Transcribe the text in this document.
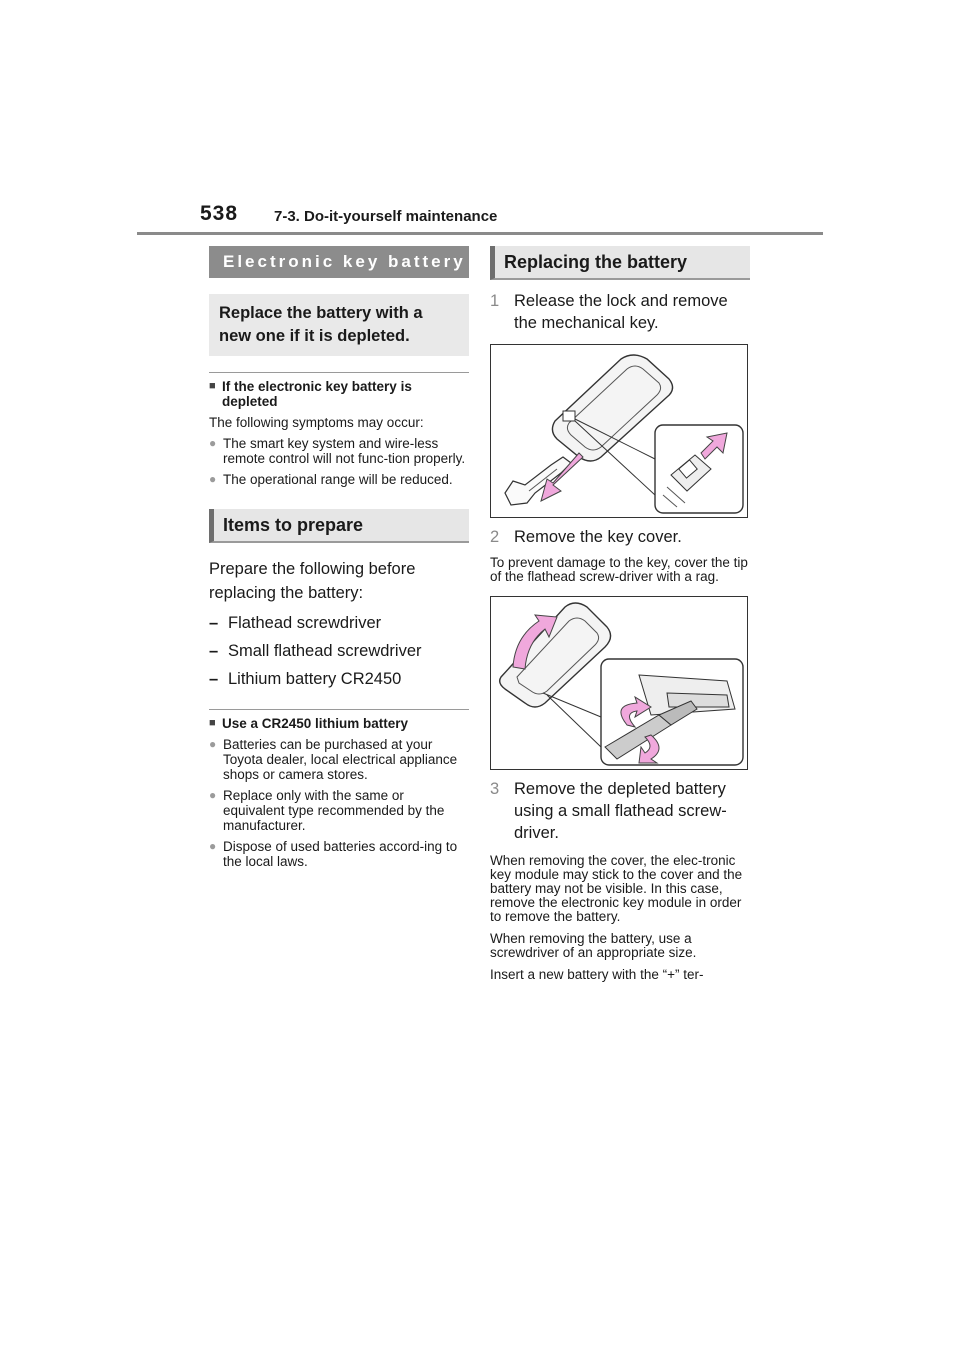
538 7-3. Do-it-yourself maintenance
Electronic key battery
Replace the battery with a new one if it is depleted.
■ If the electronic key battery is depleted
The following symptoms may occur:
● The smart key system and wire-less remote control will not func-tion properly.
● The operational range will be reduced.
Items to prepare
Prepare the following before replacing the battery:
– Flathead screwdriver
– Small flathead screwdriver
– Lithium battery CR2450
■ Use a CR2450 lithium battery
● Batteries can be purchased at your Toyota dealer, local electrical appliance shops or camera stores.
● Replace only with the same or equivalent type recommended by the manufacturer.
● Dispose of used batteries accord-ing to the local laws.
Replacing the battery
1 Release the lock and remove the mechanical key.
2 Remove the key cover.
To prevent damage to the key, cover the tip of the flathead screw-driver with a rag.
3 Remove the depleted battery using a small flathead screw-driver.
When removing the cover, the elec-tronic key module may stick to the cover and the battery may not be visible. In this case, remove the electronic key module in order to remove the battery.
When removing the battery, use a screwdriver of an appropriate size.
Insert a new battery with the “+” ter-
